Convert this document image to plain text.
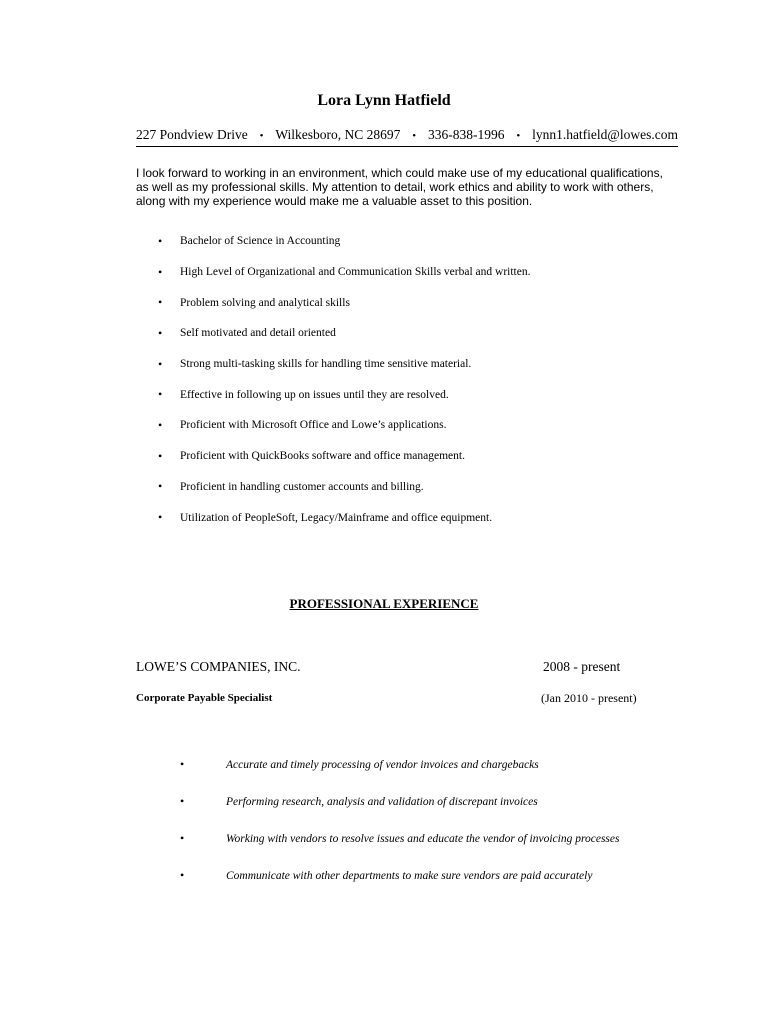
Lora Lynn Hatfield
227 Pondview Drive • Wilkesboro, NC 28697 • 336-838-1996 • lynn1.hatfield@lowes.com
I look forward to working in an environment, which could make use of my educational qualifications, as well as my professional skills. My attention to detail, work ethics and ability to work with others, along with my experience would make me a valuable asset to this position.
•	Bachelor of Science in Accounting
•	High Level of Organizational and Communication Skills verbal and written.
•	Problem solving and analytical skills
•	Self motivated and detail oriented
•	Strong multi-tasking skills for handling time sensitive material.
•	Effective in following up on issues until they are resolved.
•	Proficient with Microsoft Office and Lowe’s applications.
•	Proficient with QuickBooks software and office management.
•	Proficient in handling customer accounts and billing.
•	Utilization of PeopleSoft, Legacy/Mainframe and office equipment.
PROFESSIONAL EXPERIENCE
LOWE’S COMPANIES, INC.	2008 - present
Corporate Payable Specialist	(Jan 2010 - present)
•	Accurate and timely processing of vendor invoices and chargebacks
•	Performing research, analysis and validation of discrepant invoices
•	Working with vendors to resolve issues and educate the vendor of invoicing processes
•	Communicate with other departments to make sure vendors are paid accurately
